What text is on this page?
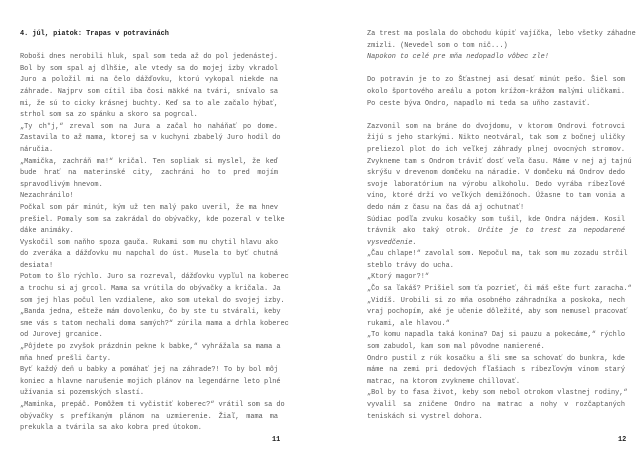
4. júl, piatok: Trapas v potravinách

Roboši dnes nerobili hluk, spal som teda až do pol jedenástej.
Bol by som spal aj dlhšie, ale vtedy sa do mojej izby vkradol
Juro a položil mi na čelo dážďovku, ktorú vykopal niekde na
záhrade. Najprv som cítil iba čosi mäkké na tvári, snívalo sa
mi, že sú to cicky krásnej buchty. Keď sa to ale začalo hýbať,
strhol som sa zo spánku a skoro sa pogrcal.
„Ty ch*j,“ zreval som na Jura a začal ho naháňať po dome.
Zastavila to až mama, ktorej sa v kuchyni zbabelý Juro hodil do
náručia.
„Mamička, zachráň ma!“ kričal. Ten sopliak si myslel, že keď
bude hrať na materinské city, zachráni ho to pred mojím
spravodlivým hnevom.
Nezachránilo!
Počkal som pár minút, kým už ten malý pako uveril, že ma hnev
prešiel. Pomaly som sa zakrádal do obývačky, kde pozeral v telke
dáke animáky.
Vyskočil som naňho spoza gauča. Rukami som mu chytil hlavu ako
do zveráka a dážďovku mu napchal do úst. Musela to byť chutná
desiata!
Potom to šlo rýchlo. Juro sa rozreval, dážďovku vypľul na koberec
a trochu si aj grcol. Mama sa vrútila do obývačky a kričala. Ja
som jej hlas počul len vzdialene, ako som utekal do svojej izby.
„Banda jedna, ešteže mám dovolenku, čo by ste tu stvárali, keby
sme vás s tatom nechali doma samých?“ zúrila mama a drhla koberec
od Jurovej grcanice.
„Pôjdete po zvyšok prázdnin pekne k babke,“ vyhrážala sa mama a
mňa hneď prešli čarty.
Byť každý deň u babky a pomáhať jej na záhrade?! To by bol môj
koniec a hlavne narušenie mojich plánov na legendárne leto plné
užívania si pozemských slastí.
„Maminka, prepáč. Pomôžem ti vyčistiť koberec?“ vrátil som sa do
obývačky s prefíkaným plánom na uzmierenie. Žiaľ, mama ma
prekukla a tvárila sa ako kobra pred útokom.
11
Za trest ma poslala do obchodu kúpiť vajíčka, lebo všetky záhadne
zmizli. (Nevedel som o tom nič...)
Napokon to celé pre mňa nedopadlo vôbec zle!

Do potravín je to zo Šťastnej asi desať minút pešo. Šiel som
okolo športového areálu a potom krížom-krážom malými uličkami.
Po ceste býva Ondro, napadlo mi teda sa uňho zastaviť.

Zazvonil som na bráne do dvojdomu, v ktorom Ondrovi fotrovci
žijú s jeho starkými. Nikto neotváral, tak som z bočnej uličky
preliezol plot do ich veľkej záhrady plnej ovocných stromov.
Zvykneme tam s Ondrom tráviť dosť veľa času. Máme v nej aj tajnú
skrýšu v drevenom domčeku na náradie. V domčeku má Ondrov dedo
svoje laboratórium na výrobu alkoholu. Dedo vyrába ríbezľové
víno, ktoré drží vo veľkých demižónoch. Úžasne to tam vonia a
dedo nám z času na čas dá aj ochutnať!
Súdiac podľa zvuku kosačky som tušil, kde Ondra nájdem. Kosil
trávnik ako taký otrok. Určite je to trest za nepodarené
vysvedčenie.
„Čau chlape!“ zavolal som. Nepočul ma, tak som mu zozadu strčil
steblo trávy do ucha.
„Ktorý magor?!“
„Čo sa ľakáš? Prišiel som ťa pozrieť, či máš ešte furt zaracha.“
„Vidíš. Urobili si zo mňa osobného záhradníka a poskoka, nech
vraj pochopím, aké je učenie dôležité, aby som nemusel pracovať
rukami, ale hlavou.“
„To komu napadla taká konina? Daj si pauzu a pokecáme,“ rýchlo
som zabudol, kam som mal pôvodne namierené.
Ondro pustil z rúk kosačku a šli sme sa schovať do bunkra, kde
máme na zemi pri dedových fľašiach s ríbezľovým vínom starý
matrac, na ktorom zvykneme chillovať.
„Bol by to fasa život, keby som nebol otrokom vlastnej rodiny,“
vyvalil sa zničene Ondro na matrac a nohy v rozčaptaných
teniskách si vystrel dohora.
12
